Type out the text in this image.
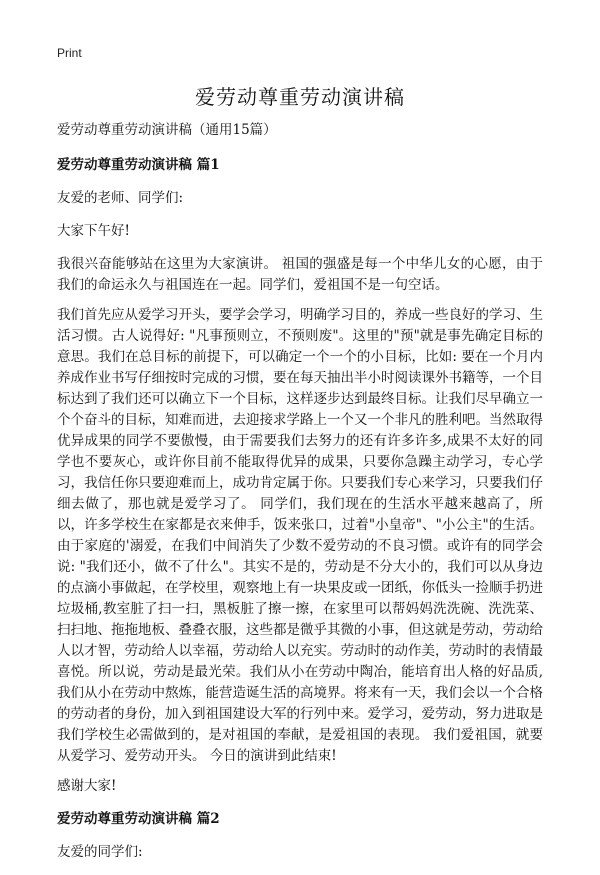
Print
爱劳动尊重劳动演讲稿

爱劳动尊重劳动演讲稿（通用15篇）

爱劳动尊重劳动演讲稿 篇1

友爱的老师、同学们:

大家下午好!

我很兴奋能够站在这里为大家演讲。 祖国的强盛是每一个中华儿女的心愿，由于我们的命运永久与祖国连在一起。同学们，爱祖国不是一句空话。

我们首先应从爱学习开头，要学会学习，明确学习目的，养成一些良好的学习、生活习惯。古人说得好: "凡事预则立，不预则废"。这里的"预"就是事先确定目标的意思。我们在总目标的前提下，可以确定一个一个的小目标，比如: 要在一个月内养成作业书写仔细按时完成的习惯，要在每天抽出半小时阅读课外书籍等，一个目标达到了我们还可以确立下一个目标，这样逐步达到最终目标。让我们尽早确立一个个奋斗的目标，知难而进，去迎接求学路上一个又一个非凡的胜利吧。当然取得优异成果的同学不要傲慢，由于需要我们去努力的还有许多许多,成果不太好的同学也不要灰心，或许你目前不能取得优异的成果，只要你急躁主动学习，专心学习，我信任你只要迎难而上，成功肯定属于你。只要我们专心来学习，只要我们仔细去做了，那也就是爱学习了。 同学们，我们现在的生活水平越来越高了，所以，许多学校生在家都是衣来伸手，饭来张口，过着"小皇帝"、"小公主"的生活。由于家庭的'溺爱，在我们中间消失了少数不爱劳动的不良习惯。或许有的同学会说: "我们还小，做不了什么"。其实不是的，劳动是不分大小的，我们可以从身边的点滴小事做起，在学校里，观察地上有一块果皮或一团纸，你低头一捡顺手扔进垃圾桶,教室脏了扫一扫，黑板脏了擦一擦，在家里可以帮妈妈洗洗碗、洗洗菜、扫扫地、拖拖地板、叠叠衣服，这些都是微乎其微的小事，但这就是劳动，劳动给人以才智，劳动给人以幸福，劳动给人以充实。劳动时的动作美，劳动时的表情最喜悦。所以说，劳动是最光荣。我们从小在劳动中陶冶，能培育出人格的好品质,我们从小在劳动中熬炼，能营造诞生活的高境界。将来有一天，我们会以一个合格的劳动者的身份，加入到祖国建设大军的行列中来。爱学习，爱劳动，努力进取是我们学校生必需做到的，是对祖国的奉献，是爱祖国的表现。 我们爱祖国，就要从爱学习、爱劳动开头。 今日的演讲到此结束!

感谢大家!

爱劳动尊重劳动演讲稿 篇2

友爱的同学们:
